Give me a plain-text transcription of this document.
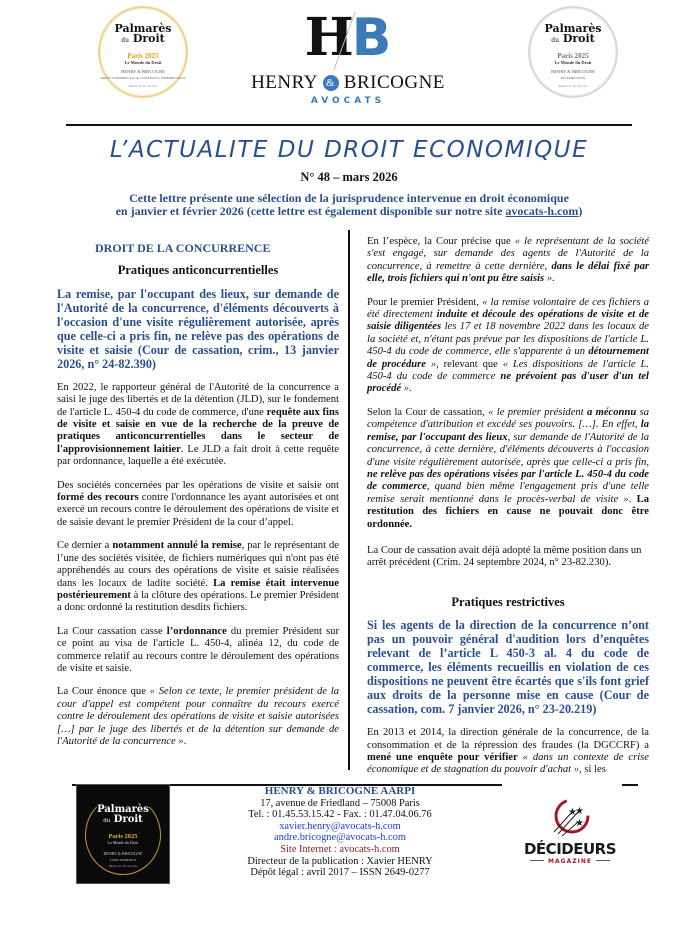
Palmarès
du Droit
Paris 2025
Le Monde du Droit
HENRY & BRICOGNE
DROIT COMMERCIAL & CONTRATS COMMERCIAUX
Moins de 10 avocats
H
B
HENRY & BRICOGNE
AVOCATS
Palmarès
du Droit
Paris 2025
Le Monde du Droit
HENRY & BRICOGNE
DISTRIBUTION
Moins de 10 avocats
L’ACTUALITE DU DROIT ECONOMIQUE
N° 48 – mars 2026
Cette lettre présente une sélection de la jurisprudence intervenue en droit économique
en janvier et février 2026 (cette lettre est également disponible sur notre site avocats-h.com)
DROIT DE LA CONCURRENCE
Pratiques anticoncurrentielles
La remise, par l'occupant des lieux, sur demande de l'Autorité de la concurrence, d'éléments découverts à l'occasion d'une visite régulièrement autorisée, après que celle-ci a pris fin, ne relève pas des opérations de visite et saisie (Cour de cassation, crim., 13 janvier 2026, n° 24-82.390)

En 2022, le rapporteur général de l'Autorité de la concurrence a saisi le juge des libertés et de la détention (JLD), sur le fondement de l'article L. 450-4 du code de commerce, d'une requête aux fins de visite et saisie en vue de la recherche de la preuve de pratiques anticoncurrentielles dans le secteur de l'approvisionnement laitier. Le JLD a fait droit à cette requête par ordonnance, laquelle a été exécutée.

Des sociétés concernées par les opérations de visite et saisie ont formé des recours contre l'ordonnance les ayant autorisées et ont exercé un recours contre le déroulement des opérations de visite et de saisie devant le premier Président de la cour d’appel.

Ce dernier a notamment annulé la remise, par le représentant de l’une des sociétés visitée, de fichiers numériques qui n'ont pas été appréhendés au cours des opérations de visite et saisie réalisées dans les locaux de ladite société. La remise était intervenue postérieurement à la clôture des opérations. Le premier Président a donc ordonné la restitution desdits fichiers.

La Cour cassation casse l’ordonnance du premier Président sur ce point au visa de l'article L. 450-4, alinéa 12, du code de commerce relatif au recours contre le déroulement des opérations de visite et saisie.

La Cour énonce que « Selon ce texte, le premier président de la cour d'appel est compétent pour connaître du recours exercé contre le déroulement des opérations de visite et saisie autorisées […] par le juge des libertés et de la détention sur demande de l'Autorité de la concurrence ».

En l’espèce, la Cour précise que « le représentant de la société s'est engagé, sur demande des agents de l'Autorité de la concurrence, à remettre à cette dernière, dans le délai fixé par elle, trois fichiers qui n'ont pu être saisis ».

Pour le premier Président, « la remise volontaire de ces fichiers a été directement induite et découle des opérations de visite et de saisie diligentées les 17 et 18 novembre 2022 dans les locaux de la société et, n'étant pas prévue par les dispositions de l'article L. 450-4 du code de commerce, elle s'apparente à un détournement de procédure », relevant que « Les dispositions de l'article L. 450-4 du code de commerce ne prévoient pas d'user d'un tel procédé ».

Selon la Cour de cassation, « le premier président a méconnu sa compétence d'attribution et excédé ses pouvoirs. […]. En effet, la remise, par l'occupant des lieux, sur demande de l'Autorité de la concurrence, à cette dernière, d'éléments découverts à l'occasion d'une visite régulièrement autorisée, après que celle-ci a pris fin, ne relève pas des opérations visées par l'article L. 450-4 du code de commerce, quand bien même l'engagement pris d'une telle remise serait mentionné dans le procès-verbal de visite ». La restitution des fichiers en cause ne pouvait donc être ordonnée.

La Cour de cassation avait déjà adopté la même position dans un arrêt précédent (Crim. 24 septembre 2024, n° 23-82.230).

Pratiques restrictives
Si les agents de la direction de la concurrence n’ont pas un pouvoir général d'audition lors d’enquêtes relevant de l’article L 450-3 al. 4 du code de commerce, les éléments recueillis en violation de ces dispositions ne peuvent être écartés que s'ils font grief aux droits de la personne mise en cause (Cour de cassation, com. 7 janvier 2026, n° 23-20.219)

En 2013 et 2014, la direction générale de la concurrence, de la consommation et de la répression des fraudes (la DGCCRF) a mené une enquête pour vérifier « dans un contexte de crise économique et de stagnation du pouvoir d'achat », si les

Palmarès
du Droit
Paris 2025
Le Monde du Droit
HENRY & BRICOGNE
CONCURRENCE
Moins de 10 avocats
HENRY & BRICOGNE AARPI
17, avenue de Friedland – 75008 Paris
Tel. : 01.45.53.15.42 - Fax. : 01.47.04.06.76
xavier.henry@avocats-h.com
andre.bricogne@avocats-h.com
Site Internet : avocats-h.com
Directeur de la publication : Xavier HENRY
Dépôt légal : avril 2017 – ISSN 2649-0277
★
★
★
DÉCIDEURS
MAGAZINE
